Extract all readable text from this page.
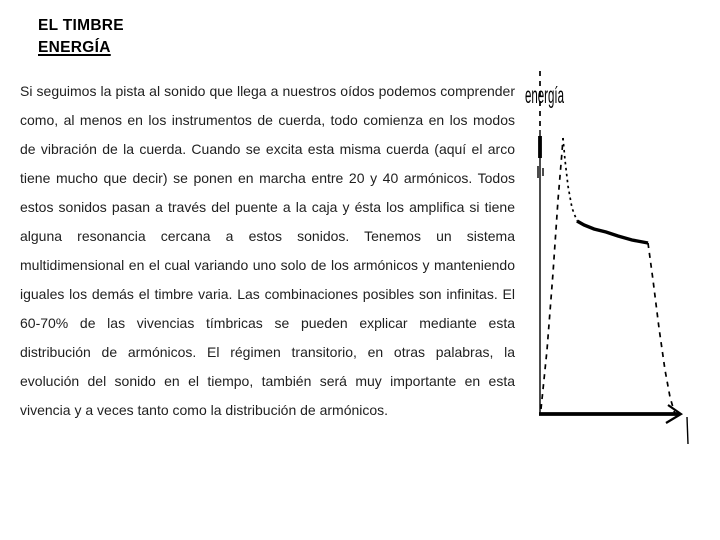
EL TIMBRE

ENERGÍA

Si seguimos la pista al sonido que llega a nuestros oídos podemos comprender como, al menos en los instrumentos de cuerda, todo comienza en los modos de vibración de la cuerda. Cuando se excita esta misma cuerda (aquí el arco tiene mucho que decir) se ponen en marcha entre 20 y 40 armónicos. Todos estos sonidos pasan a través del puente a la caja y ésta los amplifica si tiene alguna resonancia cercana a estos sonidos. Tenemos un sistema multidimensional en el cual variando uno solo de los armónicos y manteniendo iguales los demás el timbre varia. Las combinaciones posibles son infinitas. El 60-70% de las vivencias tímbricas se pueden explicar mediante esta distribución de armónicos. El régimen transitorio, en otras palabras, la evolución del sonido en el tiempo, también será muy importante en esta vivencia y a veces tanto como la distribución de armónicos.
energía
